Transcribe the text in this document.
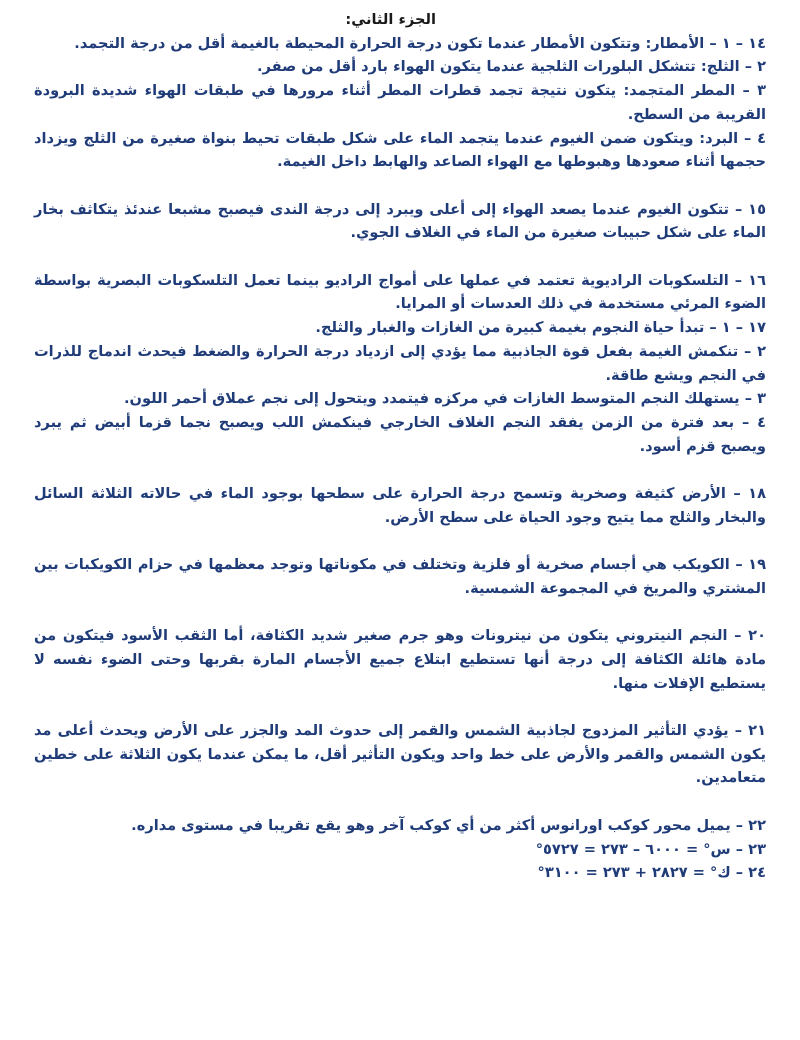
الجزء الثاني:

١٤ – ١ – الأمطار: وتتكون الأمطار عندما تكون درجة الحرارة المحيطة بالغيمة أقل من درجة التجمد.

٢ – الثلج: تتشكل البلورات الثلجية عندما يتكون الهواء بارد أقل من صفر.

٣ – المطر المتجمد: يتكون نتيجة تجمد قطرات المطر أثناء مرورها في طبقات الهواء شديدة البرودة القريبة من السطح.

٤ – البرد: ويتكون ضمن الغيوم عندما يتجمد الماء على شكل طبقات تحيط بنواة صغيرة من الثلج ويزداد حجمها أثناء صعودها وهبوطها مع الهواء الصاعد والهابط داخل الغيمة.

١٥ – تتكون الغيوم عندما يصعد الهواء إلى أعلى ويبرد إلى درجة الندى فيصبح مشبعا عندئذ يتكاثف بخار الماء على شكل حبيبات صغيرة من الماء في الغلاف الجوي.

١٦ – التلسكوبات الراديوية تعتمد في عملها على أمواج الراديو بينما تعمل التلسكوبات البصرية بواسطة الضوء المرئي مستخدمة في ذلك العدسات أو المرايا.

١٧ – ١ – تبدأ حياة النجوم بغيمة كبيرة من الغازات والغبار والثلج.

٢ – تنكمش الغيمة بفعل قوة الجاذبية مما يؤدي إلى ازدياد درجة الحرارة والضغط فيحدث اندماج للذرات في النجم ويشع طاقة.

٣ – يستهلك النجم المتوسط الغازات في مركزه فيتمدد ويتحول إلى نجم عملاق أحمر اللون.

٤ – بعد فترة من الزمن يفقد النجم الغلاف الخارجي فينكمش اللب ويصبح نجما قزما أبيض ثم يبرد ويصبح قزم أسود.

١٨ – الأرض كثيفة وصخرية وتسمح درجة الحرارة على سطحها بوجود الماء في حالاته الثلاثة السائل والبخار والثلج مما يتيح وجود الحياة على سطح الأرض.

١٩ – الكويكب هي أجسام صخرية أو فلزية وتختلف في مكوناتها وتوجد معظمها في حزام الكويكبات بين المشتري والمريخ في المجموعة الشمسية.

٢٠ – النجم النيتروني يتكون من نيترونات وهو جرم صغير شديد الكثافة، أما الثقب الأسود فيتكون من مادة هائلة الكثافة إلى درجة أنها تستطيع ابتلاع جميع الأجسام المارة بقربها وحتى الضوء نفسه لا يستطيع الإفلات منها.

٢١ – يؤدي التأثير المزدوج لجاذبية الشمس والقمر إلى حدوث المد والجزر على الأرض ويحدث أعلى مد يكون الشمس والقمر والأرض على خط واحد ويكون التأثير أقل، ما يمكن عندما يكون الثلاثة على خطين متعامدين.

٢٢ – يميل محور كوكب اورانوس أكثر من أي كوكب آخر وهو يقع تقريبا في مستوى مداره.

٢٣ – س° = ٦٠٠٠ – ٢٧٣ = ٥٧٢٧°

٢٤ – ك° = ٢٨٢٧ + ٢٧٣ = ٣١٠٠°
